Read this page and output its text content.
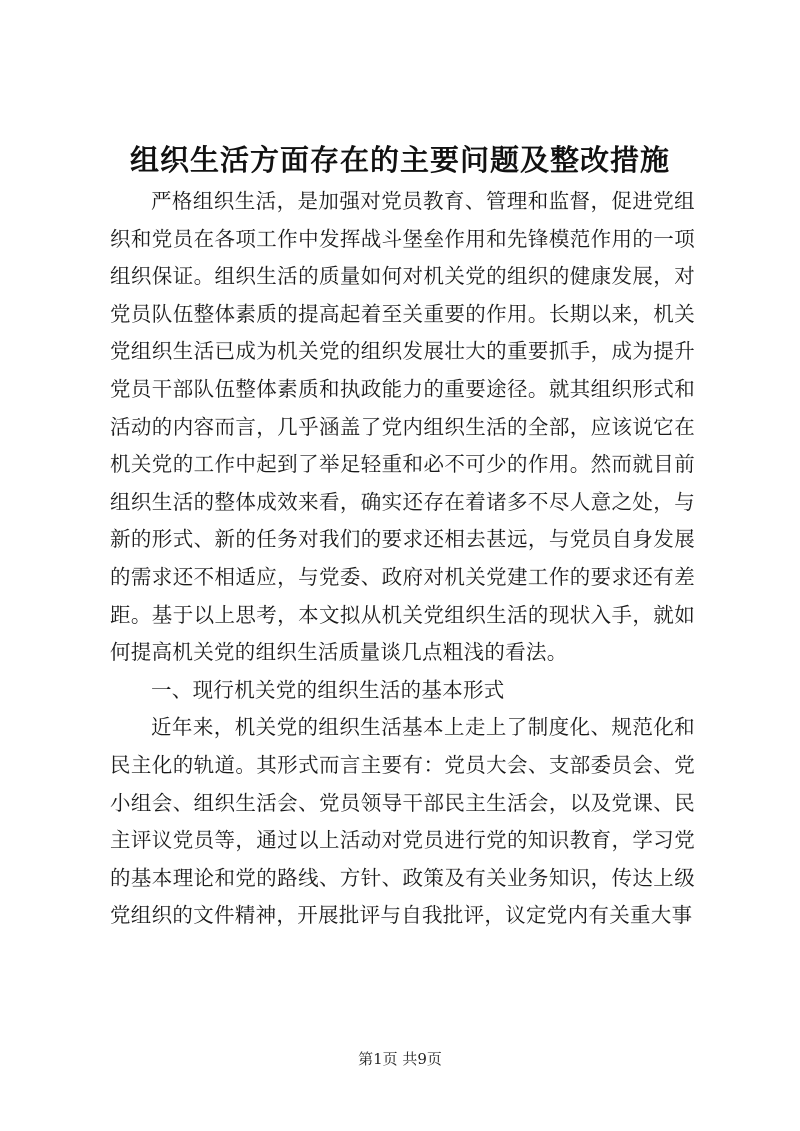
组织生活方面存在的主要问题及整改措施

严格组织生活，是加强对党员教育、管理和监督，促进党组织和党员在各项工作中发挥战斗堡垒作用和先锋模范作用的一项组织保证。组织生活的质量如何对机关党的组织的健康发展，对党员队伍整体素质的提高起着至关重要的作用。长期以来，机关党组织生活已成为机关党的组织发展壮大的重要抓手，成为提升党员干部队伍整体素质和执政能力的重要途径。就其组织形式和活动的内容而言，几乎涵盖了党内组织生活的全部，应该说它在机关党的工作中起到了举足轻重和必不可少的作用。然而就目前组织生活的整体成效来看，确实还存在着诸多不尽人意之处，与新的形式、新的任务对我们的要求还相去甚远，与党员自身发展的需求还不相适应，与党委、政府对机关党建工作的要求还有差距。基于以上思考，本文拟从机关党组织生活的现状入手，就如何提高机关党的组织生活质量谈几点粗浅的看法。

一、现行机关党的组织生活的基本形式

近年来，机关党的组织生活基本上走上了制度化、规范化和民主化的轨道。其形式而言主要有：党员大会、支部委员会、党小组会、组织生活会、党员领导干部民主生活会，以及党课、民主评议党员等，通过以上活动对党员进行党的知识教育，学习党的基本理论和党的路线、方针、政策及有关业务知识，传达上级党组织的文件精神，开展批评与自我批评，议定党内有关重大事

第1页 共9页
